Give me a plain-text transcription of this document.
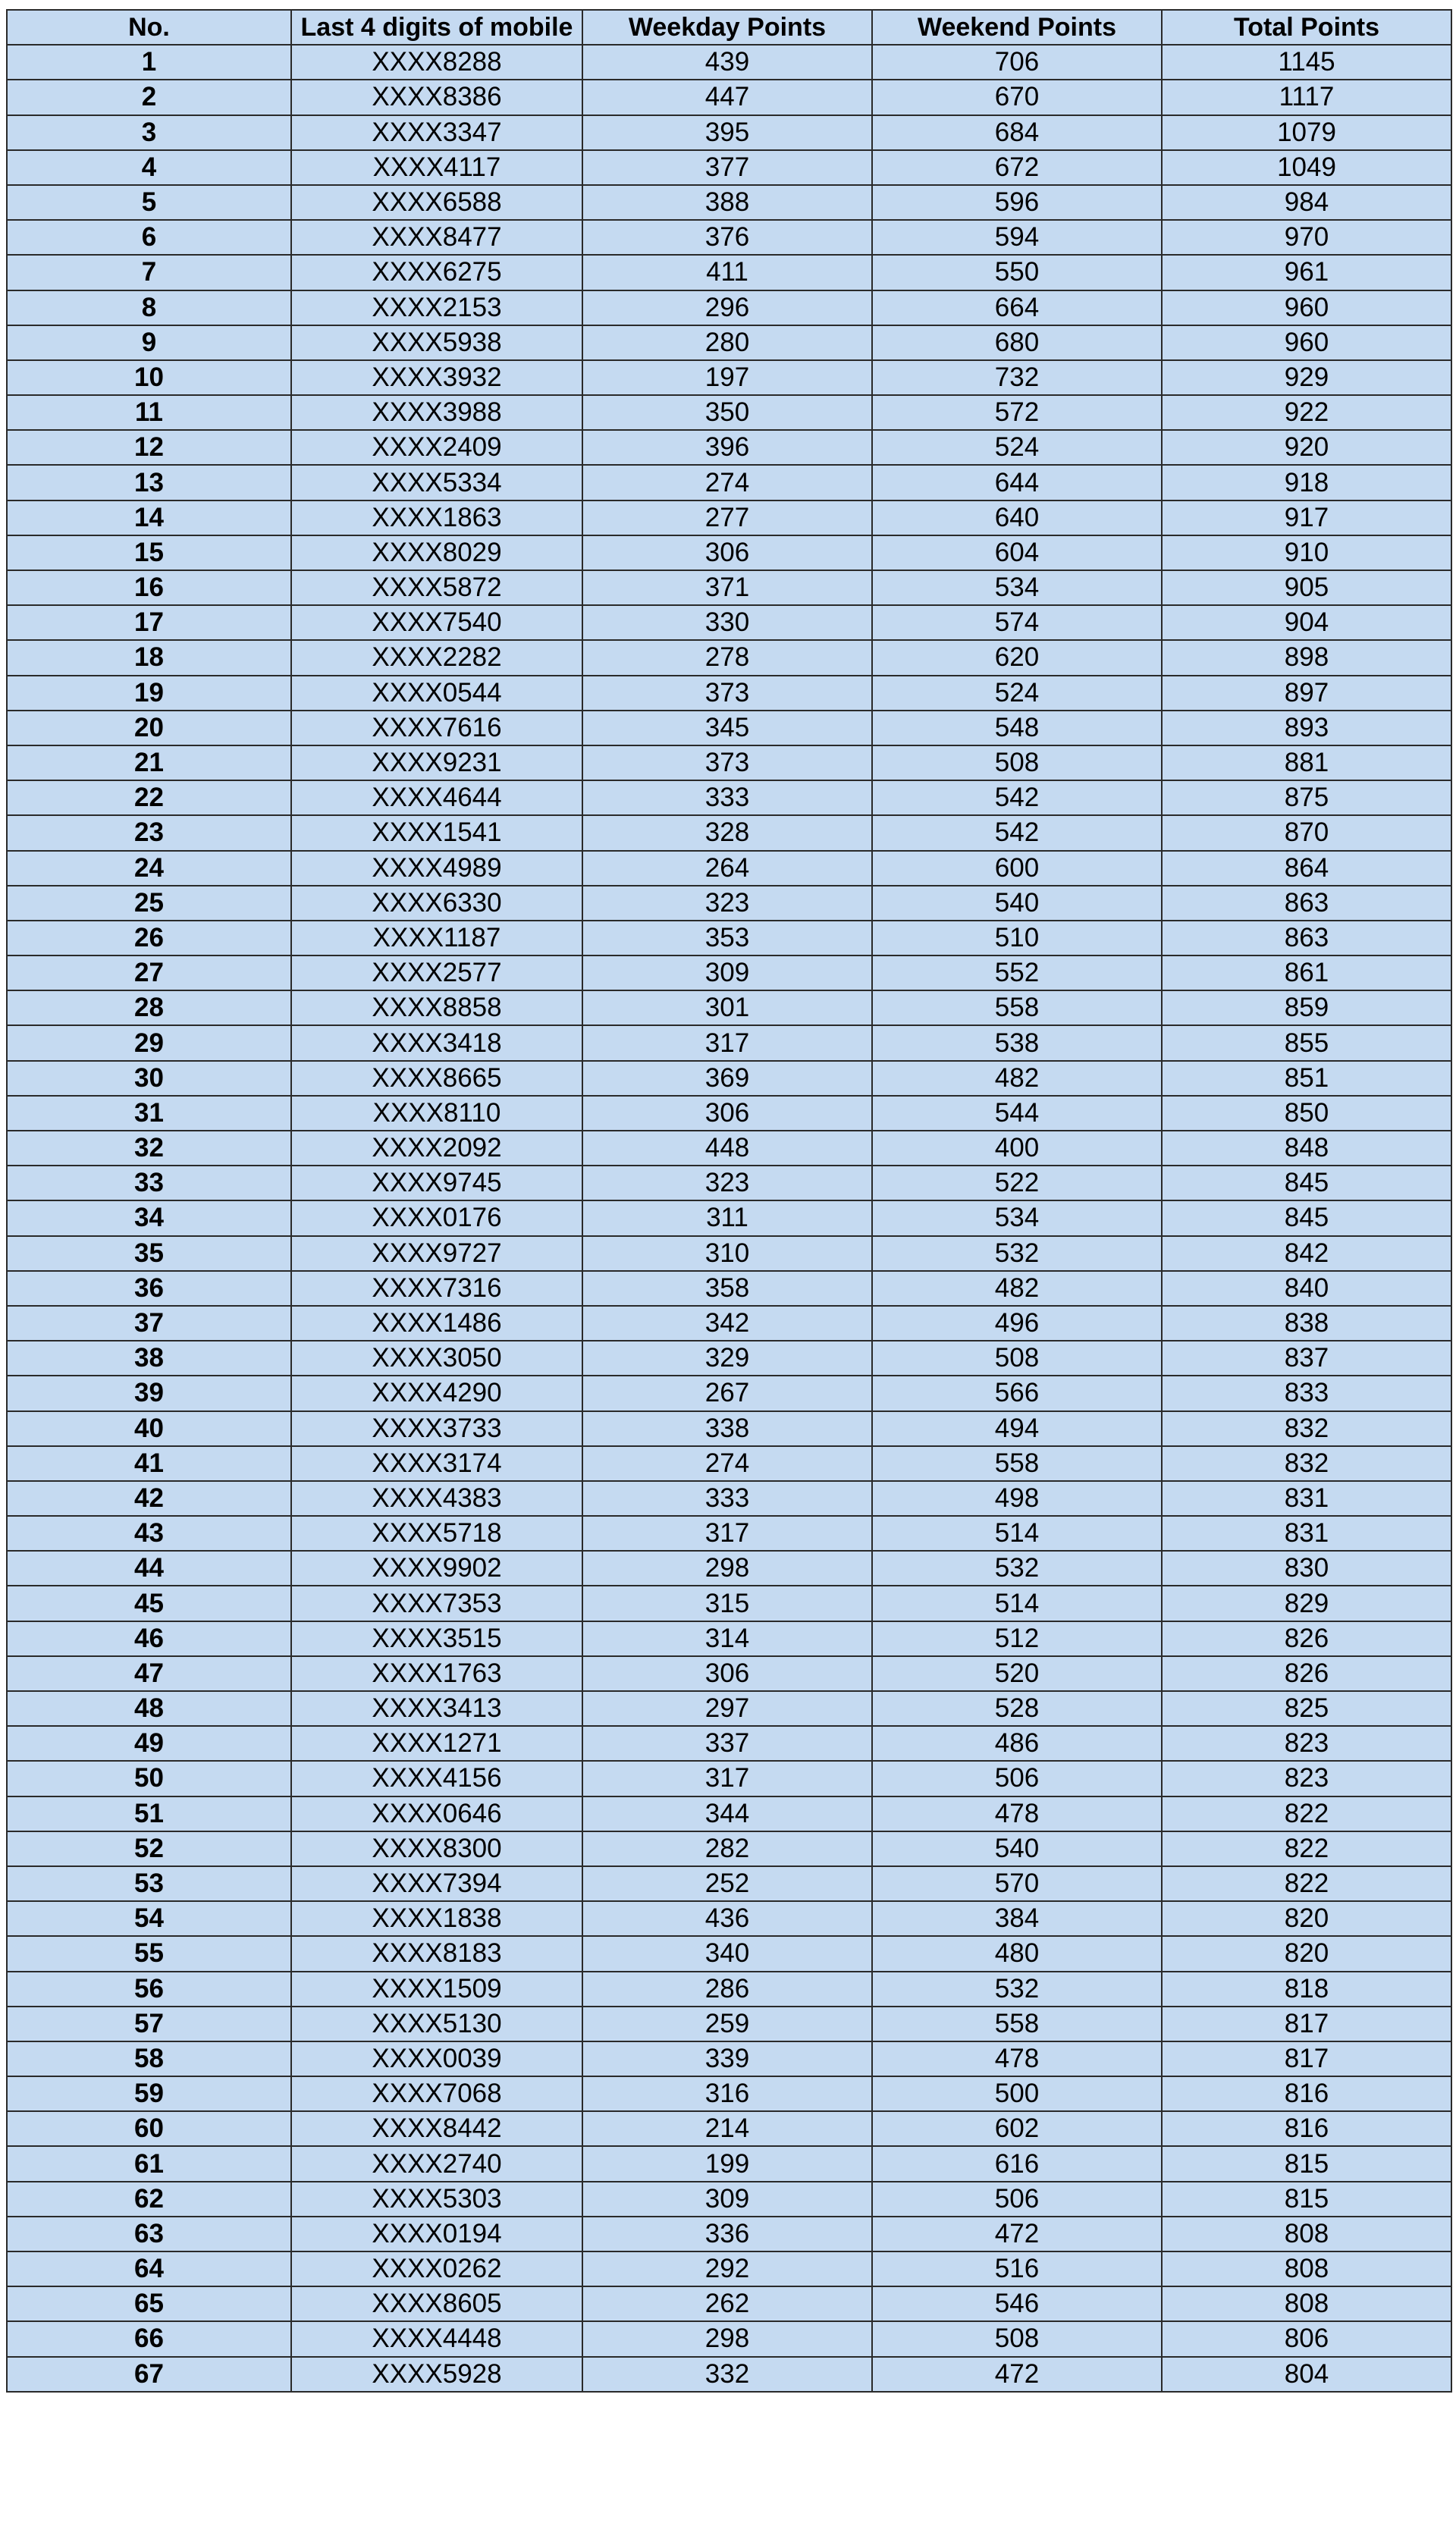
No.	Last 4 digits of mobile	Weekday Points	Weekend Points	Total Points
1	XXXX8288	439	706	1145
2	XXXX8386	447	670	1117
3	XXXX3347	395	684	1079
4	XXXX4117	377	672	1049
5	XXXX6588	388	596	984
6	XXXX8477	376	594	970
7	XXXX6275	411	550	961
8	XXXX2153	296	664	960
9	XXXX5938	280	680	960
10	XXXX3932	197	732	929
11	XXXX3988	350	572	922
12	XXXX2409	396	524	920
13	XXXX5334	274	644	918
14	XXXX1863	277	640	917
15	XXXX8029	306	604	910
16	XXXX5872	371	534	905
17	XXXX7540	330	574	904
18	XXXX2282	278	620	898
19	XXXX0544	373	524	897
20	XXXX7616	345	548	893
21	XXXX9231	373	508	881
22	XXXX4644	333	542	875
23	XXXX1541	328	542	870
24	XXXX4989	264	600	864
25	XXXX6330	323	540	863
26	XXXX1187	353	510	863
27	XXXX2577	309	552	861
28	XXXX8858	301	558	859
29	XXXX3418	317	538	855
30	XXXX8665	369	482	851
31	XXXX8110	306	544	850
32	XXXX2092	448	400	848
33	XXXX9745	323	522	845
34	XXXX0176	311	534	845
35	XXXX9727	310	532	842
36	XXXX7316	358	482	840
37	XXXX1486	342	496	838
38	XXXX3050	329	508	837
39	XXXX4290	267	566	833
40	XXXX3733	338	494	832
41	XXXX3174	274	558	832
42	XXXX4383	333	498	831
43	XXXX5718	317	514	831
44	XXXX9902	298	532	830
45	XXXX7353	315	514	829
46	XXXX3515	314	512	826
47	XXXX1763	306	520	826
48	XXXX3413	297	528	825
49	XXXX1271	337	486	823
50	XXXX4156	317	506	823
51	XXXX0646	344	478	822
52	XXXX8300	282	540	822
53	XXXX7394	252	570	822
54	XXXX1838	436	384	820
55	XXXX8183	340	480	820
56	XXXX1509	286	532	818
57	XXXX5130	259	558	817
58	XXXX0039	339	478	817
59	XXXX7068	316	500	816
60	XXXX8442	214	602	816
61	XXXX2740	199	616	815
62	XXXX5303	309	506	815
63	XXXX0194	336	472	808
64	XXXX0262	292	516	808
65	XXXX8605	262	546	808
66	XXXX4448	298	508	806
67	XXXX5928	332	472	804
